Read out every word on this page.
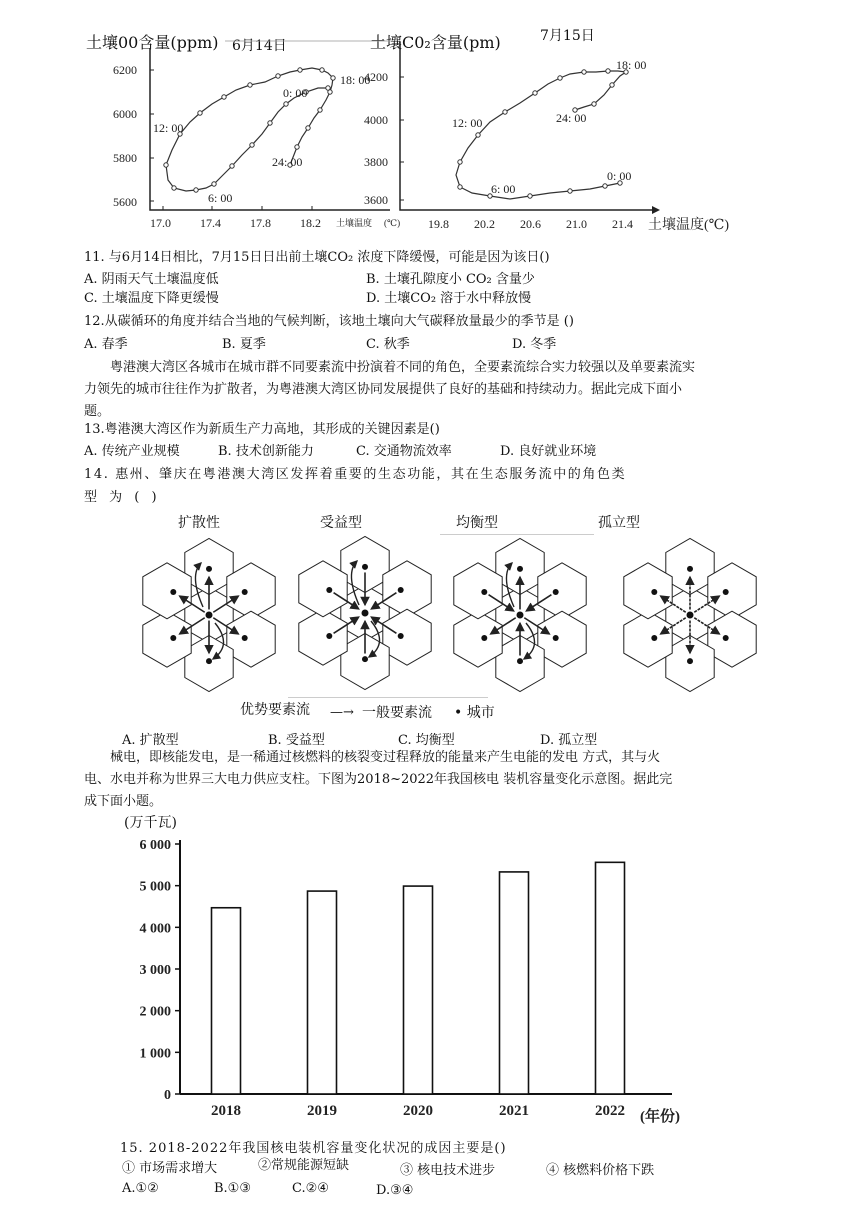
土壤00含量(ppm) 6月14日	土壤C0₂含量(pm)	7月15日
6200
6000
5800
5600
17.0 17.4 17.8 18.2 土壤温度 (℃)
18: 00
0: 00
12: 00
24: 00
6: 00
4200
4000
3800
3600
19.8 20.2 20.6 21.0 21.4 土壤温度(℃)
18: 00
24: 00
12: 00
6: 00
0: 00
11. 与6月14日相比，7月15日日出前土壤CO₂ 浓度下降缓慢，可能是因为该日()
A. 阴雨天气土壤温度低	B. 土壤孔隙度小 CO₂ 含量少
C. 土壤温度下降更缓慢	D. 土壤CO₂ 溶于水中释放慢
12.从碳循环的角度并结合当地的气候判断，该地土壤向大气碳释放量最少的季节是 ()
A. 春季	B. 夏季	C. 秋季	D. 冬季
粤港澳大湾区各城市在城市群不同要素流中扮演着不同的角色，全要素流综合实力较强以及单要素流实力领先的城市往往作为扩散者，为粤港澳大湾区协同发展提供了良好的基础和持续动力。据此完成下面小题。
13.粤港澳大湾区作为新质生产力高地，其形成的关键因素是()
A. 传统产业规模	B. 技术创新能力	C. 交通物流效率	D. 良好就业环境
14. 惠州、肇庆在粤港澳大湾区发挥着重要的生态功能，其在生态服务流中的角色类
型 为 ( )
扩散性	受益型	均衡型	孤立型
优势要素流 —→ 一般要素流 • 城市
A. 扩散型	B. 受益型	C. 均衡型	D. 孤立型
械电，即核能发电，是一稀通过核燃料的核裂变过程释放的能量来产生电能的发电 方式，其与火电、水电并称为世界三大电力供应支柱。下图为2018~2022年我国核电 装机容量变化示意图。据此完成下面小题。
(万千瓦)
0
1 000
2 000
3 000
4 000
5 000
6 000
2018	2019	2020	2021	2022 (年份)
15. 2018-2022年我国核电装机容量变化状况的成因主要是()
① 市场需求增大	②常规能源短缺	③ 核电技术进步	④ 核燃料价格下跌
A.①②	B.①③	C.②④	D.③④
